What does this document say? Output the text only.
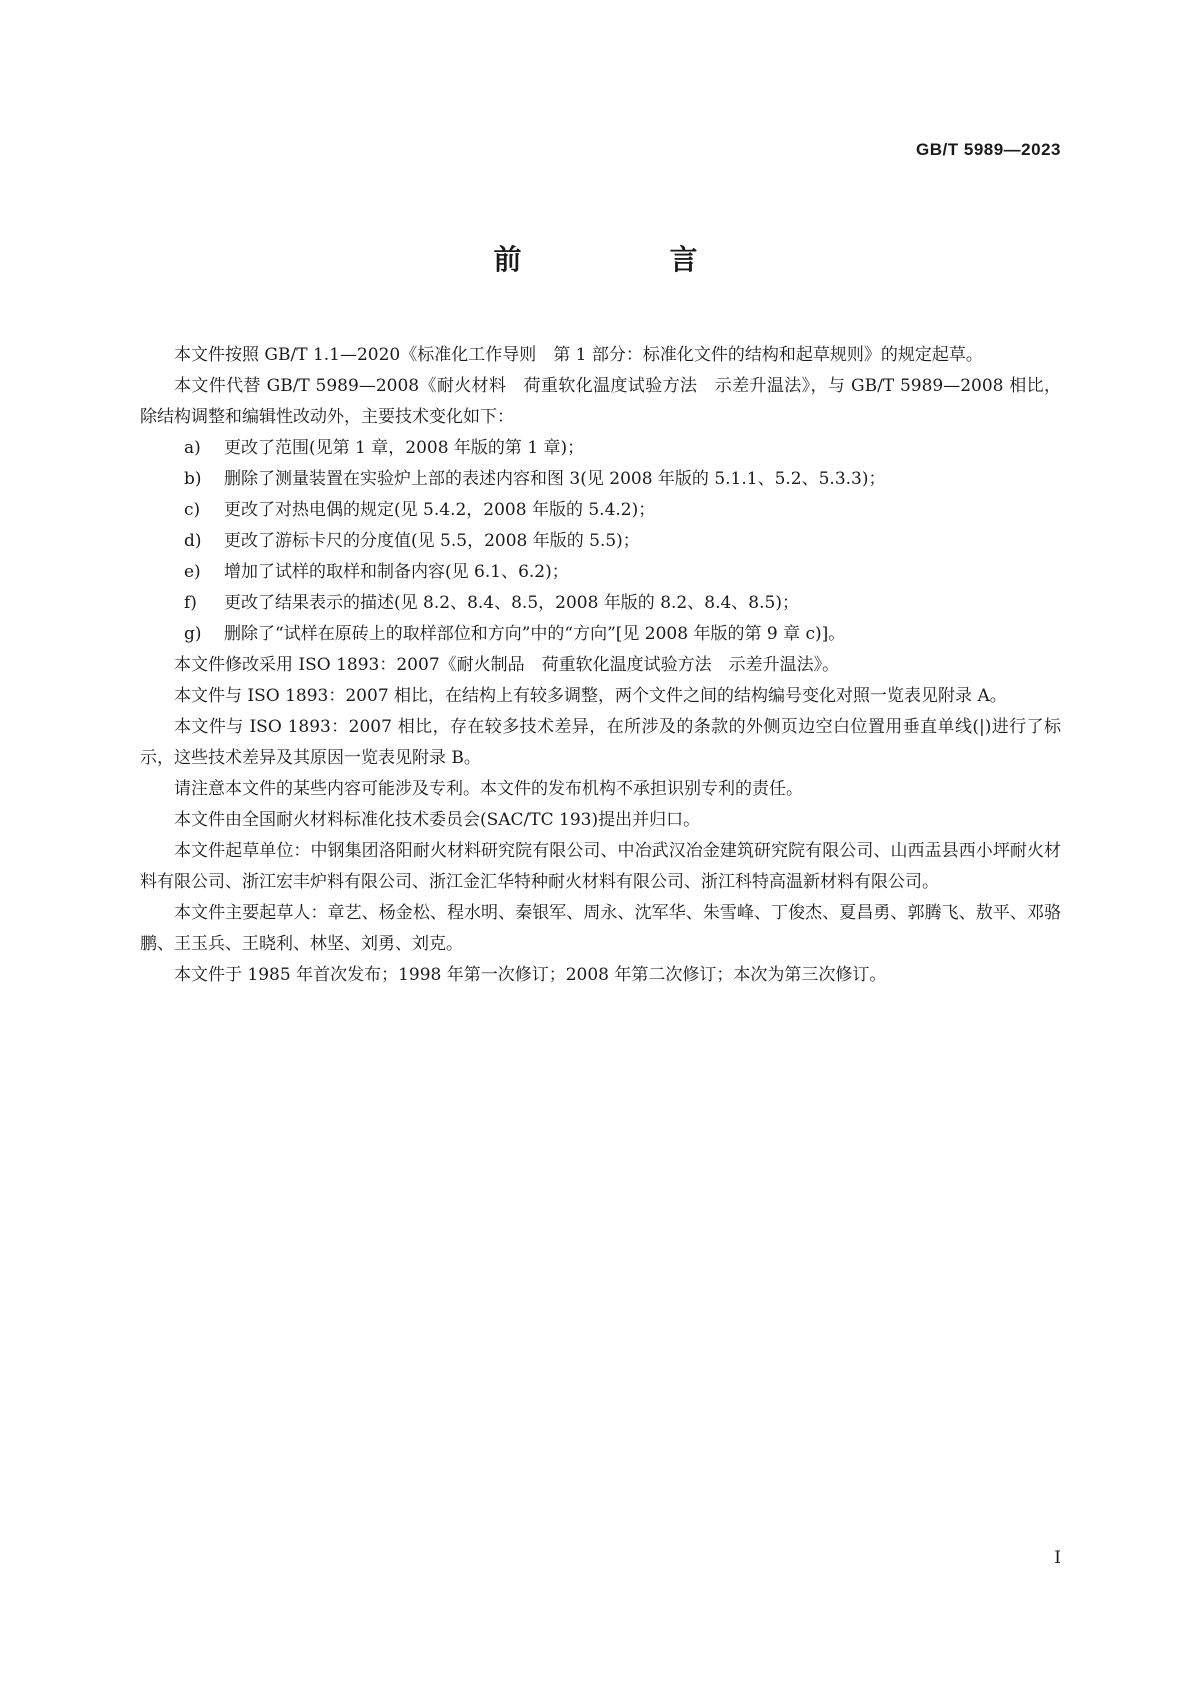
GB/T 5989—2023
前　言

本文件按照 GB/T 1.1—2020《标准化工作导则　第 1 部分：标准化文件的结构和起草规则》的规定起草。

本文件代替 GB/T 5989—2008《耐火材料　荷重软化温度试验方法　示差升温法》，与 GB/T 5989—2008 相比，除结构调整和编辑性改动外，主要技术变化如下：

a)	更改了范围(见第 1 章，2008 年版的第 1 章)；
b)	删除了测量装置在实验炉上部的表述内容和图 3(见 2008 年版的 5.1.1、5.2、5.3.3)；
c)	更改了对热电偶的规定(见 5.4.2，2008 年版的 5.4.2)；
d)	更改了游标卡尺的分度值(见 5.5，2008 年版的 5.5)；
e)	增加了试样的取样和制备内容(见 6.1、6.2)；
f)	更改了结果表示的描述(见 8.2、8.4、8.5，2008 年版的 8.2、8.4、8.5)；
g)	删除了“试样在原砖上的取样部位和方向”中的“方向”[见 2008 年版的第 9 章 c)]。

本文件修改采用 ISO 1893：2007《耐火制品　荷重软化温度试验方法　示差升温法》。

本文件与 ISO 1893：2007 相比，在结构上有较多调整，两个文件之间的结构编号变化对照一览表见附录 A。

本文件与 ISO 1893：2007 相比，存在较多技术差异，在所涉及的条款的外侧页边空白位置用垂直单线(|)进行了标示，这些技术差异及其原因一览表见附录 B。

请注意本文件的某些内容可能涉及专利。本文件的发布机构不承担识别专利的责任。

本文件由全国耐火材料标准化技术委员会(SAC/TC 193)提出并归口。

本文件起草单位：中钢集团洛阳耐火材料研究院有限公司、中冶武汉冶金建筑研究院有限公司、山西盂县西小坪耐火材料有限公司、浙江宏丰炉料有限公司、浙江金汇华特种耐火材料有限公司、浙江科特高温新材料有限公司。

本文件主要起草人：章艺、杨金松、程水明、秦银军、周永、沈军华、朱雪峰、丁俊杰、夏昌勇、郭腾飞、敖平、邓骆鹏、王玉兵、王晓利、林坚、刘勇、刘克。

本文件于 1985 年首次发布；1998 年第一次修订；2008 年第二次修订；本次为第三次修订。

I
